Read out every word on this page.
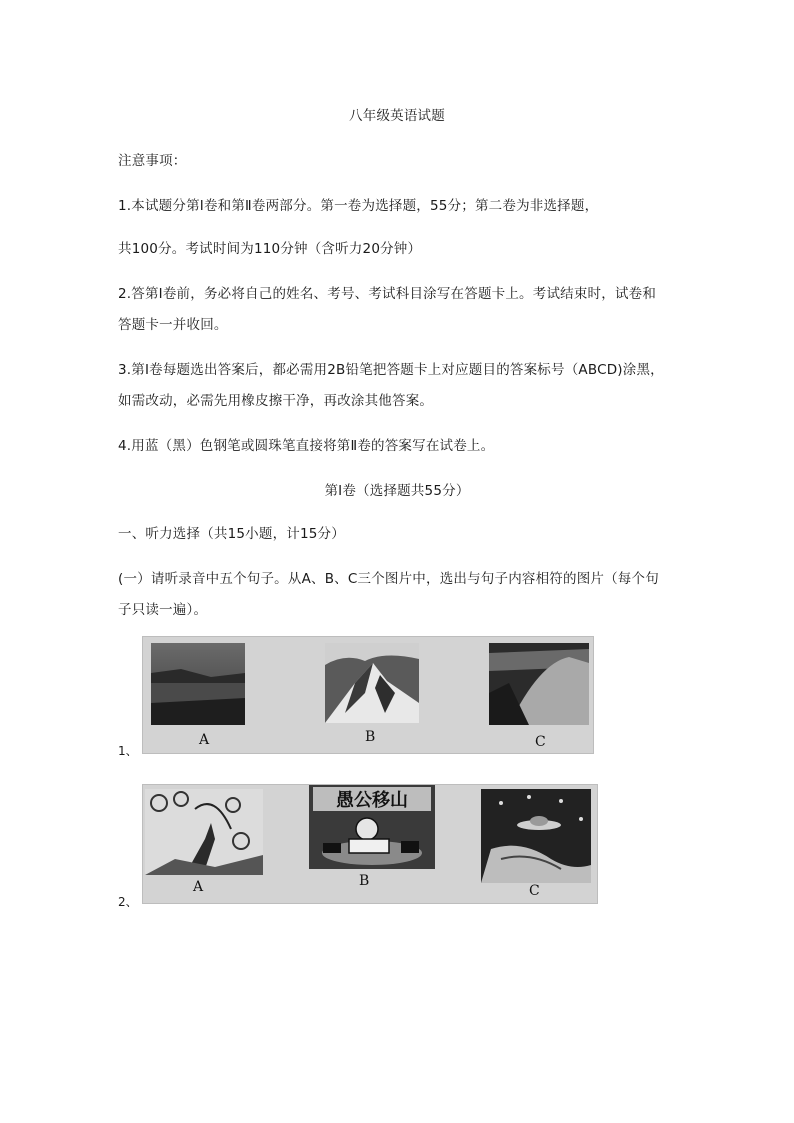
八年级英语试题
注意事项：
1.本试题分第Ⅰ卷和第Ⅱ卷两部分。第一卷为选择题，55分；第二卷为非选择题，
共100分。考试时间为110分钟（含听力20分钟）
2.答第Ⅰ卷前，务必将自己的姓名、考号、考试科目涂写在答题卡上。考试结束时，试卷和
答题卡一并收回。
3.第Ⅰ卷每题选出答案后，都必需用2B铅笔把答题卡上对应题目的答案标号（ABCD)涂黑，
如需改动，必需先用橡皮擦干净，再改涂其他答案。
4.用蓝（黑）色钢笔或圆珠笔直接将第Ⅱ卷的答案写在试卷上。
第Ⅰ卷（选择题共55分）
一、听力选择（共15小题，计15分）
(一）请听录音中五个句子。从A、B、C三个图片中，选出与句子内容相符的图片（每个句
子只读一遍）。
1、
A	B	C
2、
愚公移山
A	B
C
